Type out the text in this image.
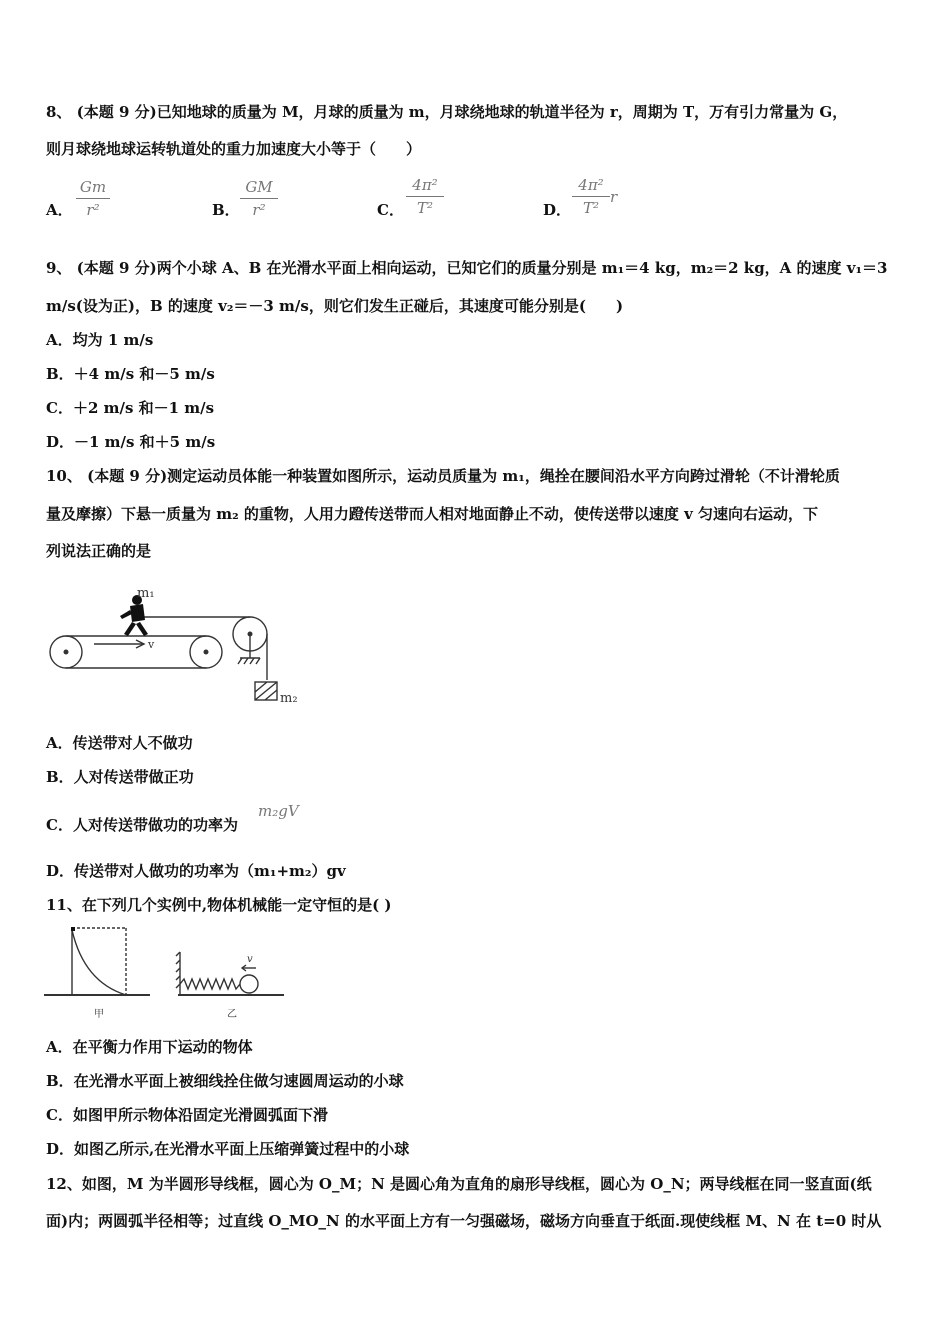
8、 (本题 9 分)已知地球的质量为 M，月球的质量为 m，月球绕地球的轨道半径为 r，周期为 T，万有引力常量为 G，
则月球绕地球运转轨道处的重力加速度大小等于（　　）
A． $\frac{Gm}{\text{r²}}$	B． $\frac{GM}{\text{r²}}$	C． $\frac{\text{4π²}}{\text{T²}}$	D． $\frac{\text{4π²}}{\text{T²}}$ r
9、 (本题 9 分)两个小球 A、B 在光滑水平面上相向运动，已知它们的质量分别是 m₁＝4 kg，m₂＝2 kg，A 的速度 v₁＝3
m/s(设为正)，B 的速度 v₂＝－3 m/s，则它们发生正碰后，其速度可能分别是(　　)
A．均为 1 m/s
B．＋4 m/s 和－5 m/s
C．＋2 m/s 和－1 m/s
D．－1 m/s 和＋5 m/s
10、 (本题 9 分)测定运动员体能一种装置如图所示，运动员质量为 m₁，绳拴在腰间沿水平方向跨过滑轮（不计滑轮质
量及摩擦）下悬一质量为 m₂ 的重物，人用力蹬传送带而人相对地面静止不动，使传送带以速度 v 匀速向右运动，下
列说法正确的是
m₁
v
m₂
A．传送带对人不做功
B．人对传送带做正功
C．人对传送带做功的功率为
m₂gV
D．传送带对人做功的功率为（m₁+m₂）gv
11、在下列几个实例中,物体机械能一定守恒的是( )
甲	乙
v
A．在平衡力作用下运动的物体
B．在光滑水平面上被细线拴住做匀速圆周运动的小球
C．如图甲所示物体沿固定光滑圆弧面下滑
D．如图乙所示,在光滑水平面上压缩弹簧过程中的小球
12、如图，M 为半圆形导线框，圆心为 O_M；N 是圆心角为直角的扇形导线框，圆心为 O_N；两导线框在同一竖直面(纸
面)内；两圆弧半径相等；过直线 O_MO_N 的水平面上方有一匀强磁场，磁场方向垂直于纸面.现使线框 M、N 在 t=0 时从
